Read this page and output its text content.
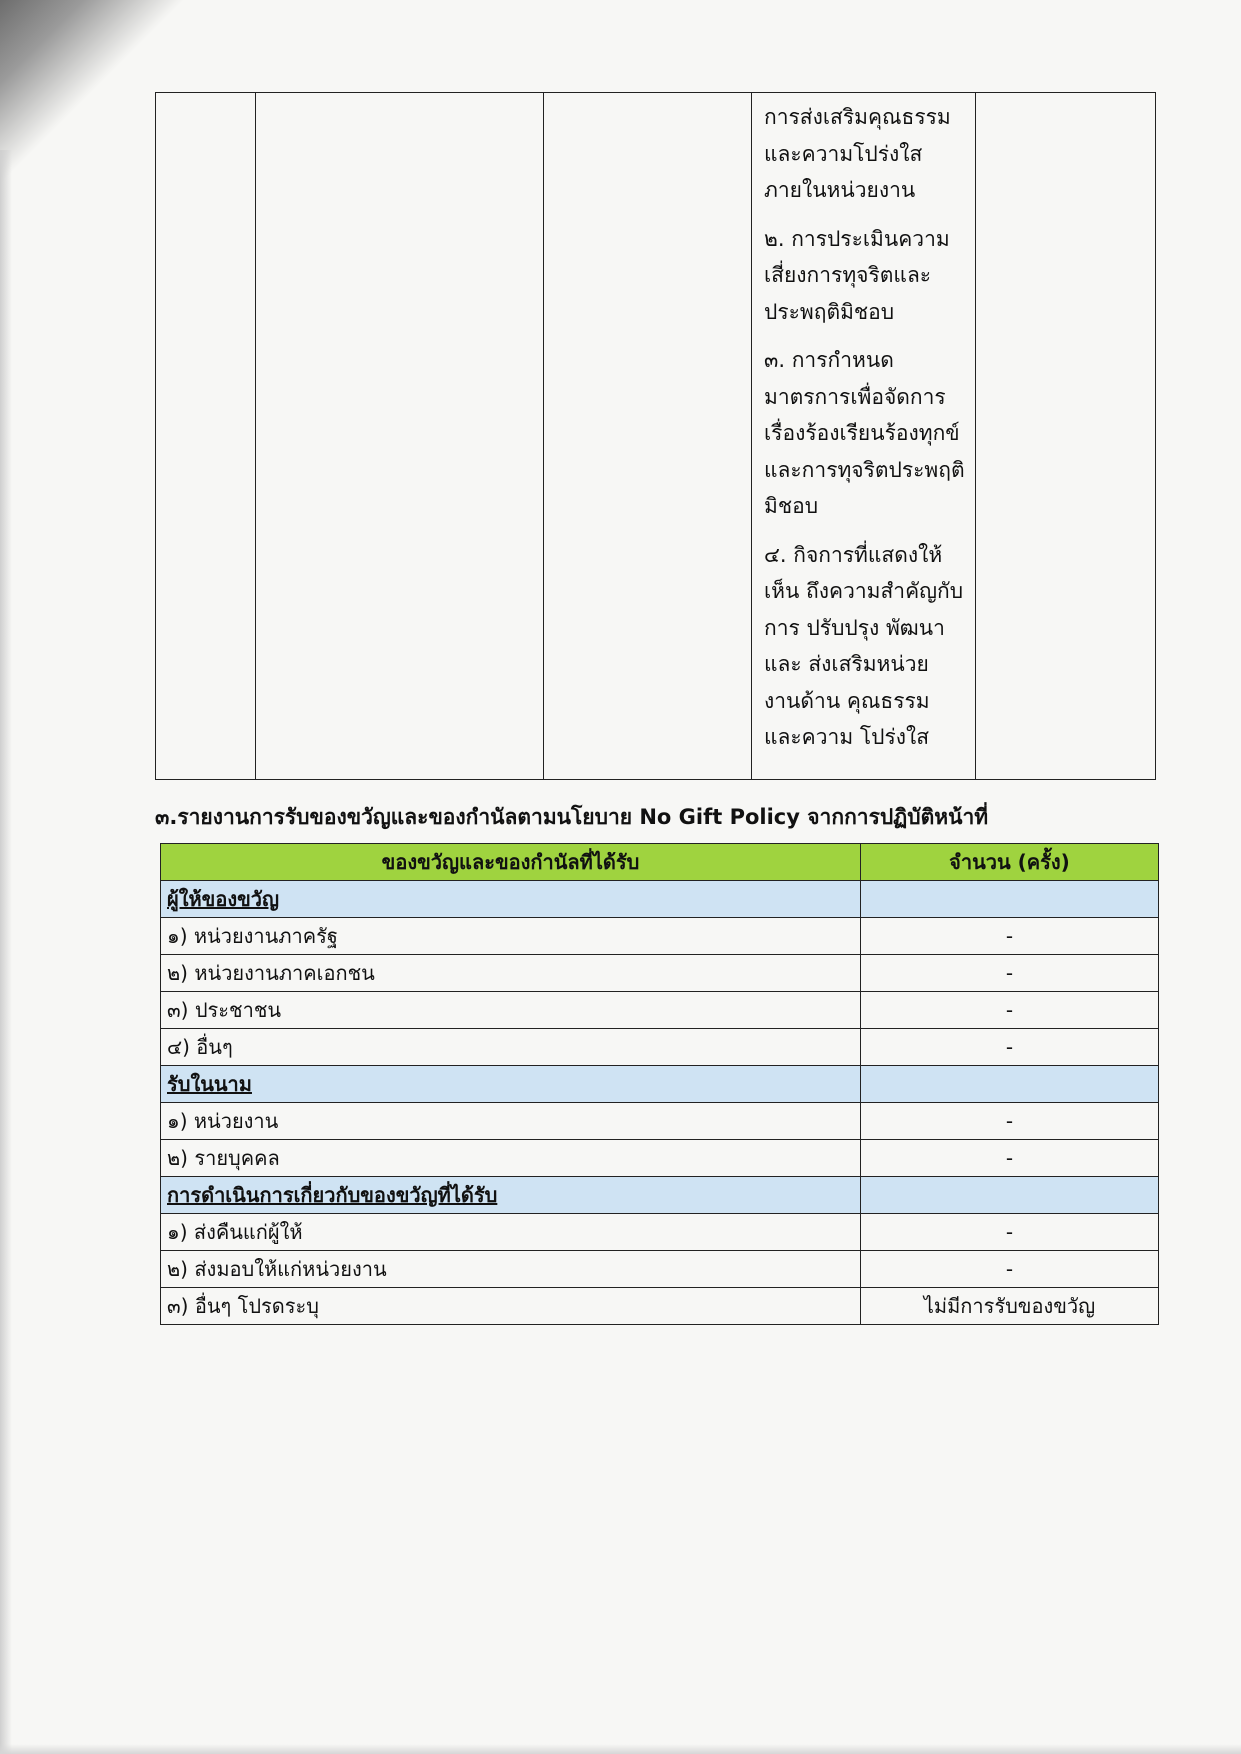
การส่งเสริมคุณธรรม และความโปร่งใส ภายในหน่วยงาน

๒. การประเมินความ เสี่ยงการทุจริตและ ประพฤติมิชอบ

๓. การกำหนด มาตรการเพื่อจัดการ เรื่องร้องเรียนร้องทุกข์ และการทุจริตประพฤติ มิชอบ

๔. กิจการที่แสดงให้เห็น ถึงความสำคัญกับการ ปรับปรุง พัฒนา และ ส่งเสริมหน่วยงานด้าน คุณธรรมและความ โปร่งใส

๓.รายงานการรับของขวัญและของกำนัลตามนโยบาย No Gift Policy จากการปฏิบัติหน้าที่
ของขวัญและของกำนัลที่ได้รับ	จำนวน (ครั้ง)
ผู้ให้ของขวัญ	
๑) หน่วยงานภาครัฐ	-
๒) หน่วยงานภาคเอกชน	-
๓) ประชาชน	-
๔) อื่นๆ	-
รับในนาม	
๑) หน่วยงาน	-
๒) รายบุคคล	-
การดำเนินการเกี่ยวกับของขวัญที่ได้รับ	
๑) ส่งคืนแก่ผู้ให้	-
๒) ส่งมอบให้แก่หน่วยงาน	-
๓) อื่นๆ โปรดระบุ	ไม่มีการรับของขวัญ
